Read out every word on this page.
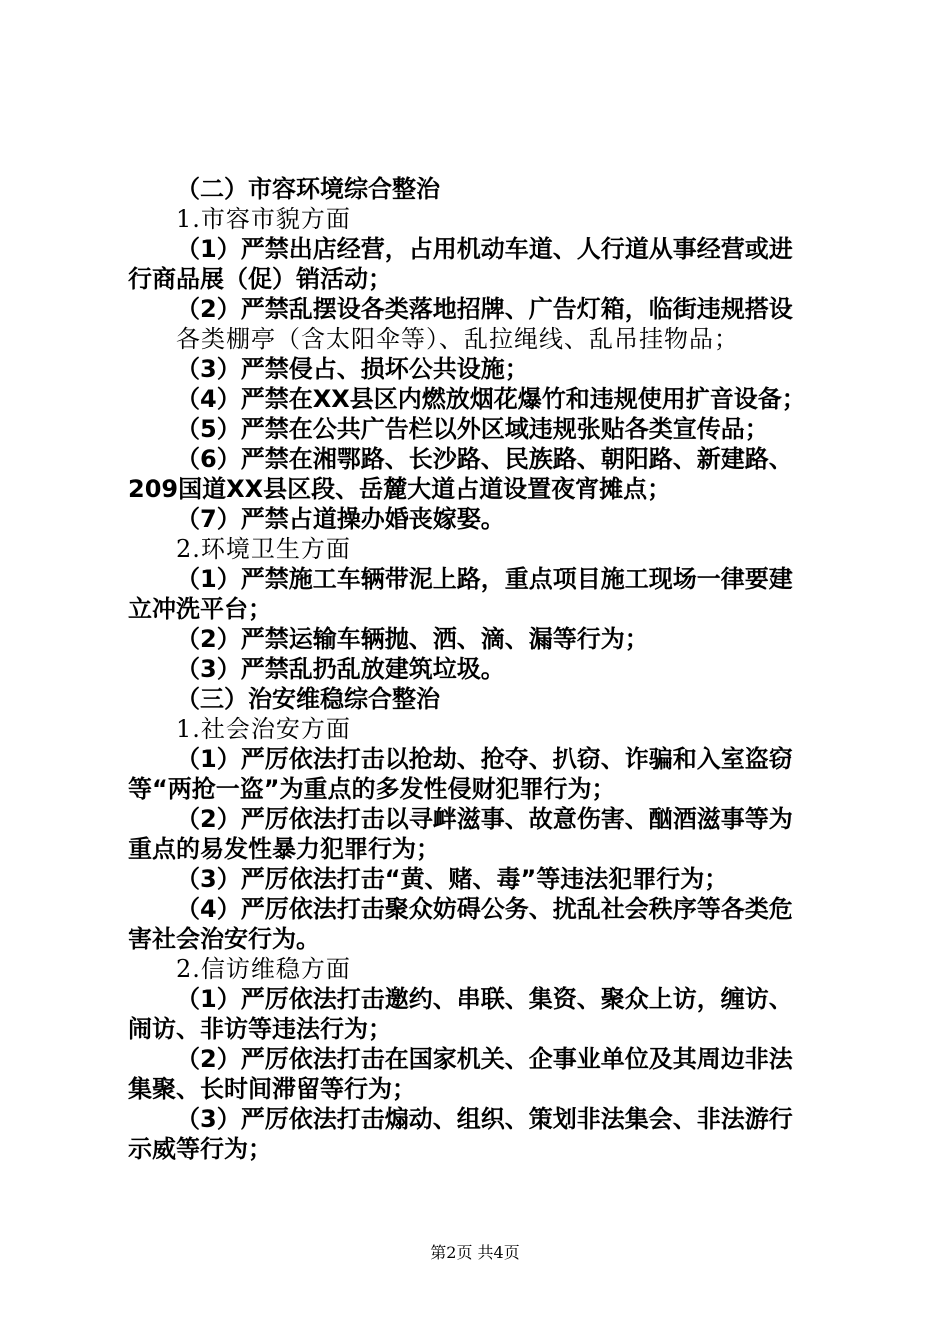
（二）市容环境综合整治
1.市容市貌方面
（1）严禁出店经营，占用机动车道、人行道从事经营或进
行商品展（促）销活动；
（2）严禁乱摆设各类落地招牌、广告灯箱，临街违规搭设
各类棚亭（含太阳伞等）、乱拉绳线、乱吊挂物品；
（3）严禁侵占、损坏公共设施；
（4）严禁在XX县区内燃放烟花爆竹和违规使用扩音设备；
（5）严禁在公共广告栏以外区域违规张贴各类宣传品；
（6）严禁在湘鄂路、长沙路、民族路、朝阳路、新建路、
209国道XX县区段、岳麓大道占道设置夜宵摊点；
（7）严禁占道操办婚丧嫁娶。
2.环境卫生方面
（1）严禁施工车辆带泥上路，重点项目施工现场一律要建
立冲洗平台；
（2）严禁运输车辆抛、洒、滴、漏等行为；
（3）严禁乱扔乱放建筑垃圾。
（三）治安维稳综合整治
1.社会治安方面
（1）严厉依法打击以抢劫、抢夺、扒窃、诈骗和入室盗窃
等“两抢一盗”为重点的多发性侵财犯罪行为；
（2）严厉依法打击以寻衅滋事、故意伤害、酗酒滋事等为
重点的易发性暴力犯罪行为；
（3）严厉依法打击“黄、赌、毒”等违法犯罪行为；
（4）严厉依法打击聚众妨碍公务、扰乱社会秩序等各类危
害社会治安行为。
2.信访维稳方面
（1）严厉依法打击邀约、串联、集资、聚众上访，缠访、
闹访、非访等违法行为；
（2）严厉依法打击在国家机关、企事业单位及其周边非法
集聚、长时间滞留等行为；
（3）严厉依法打击煽动、组织、策划非法集会、非法游行
示威等行为；
第2页 共4页
